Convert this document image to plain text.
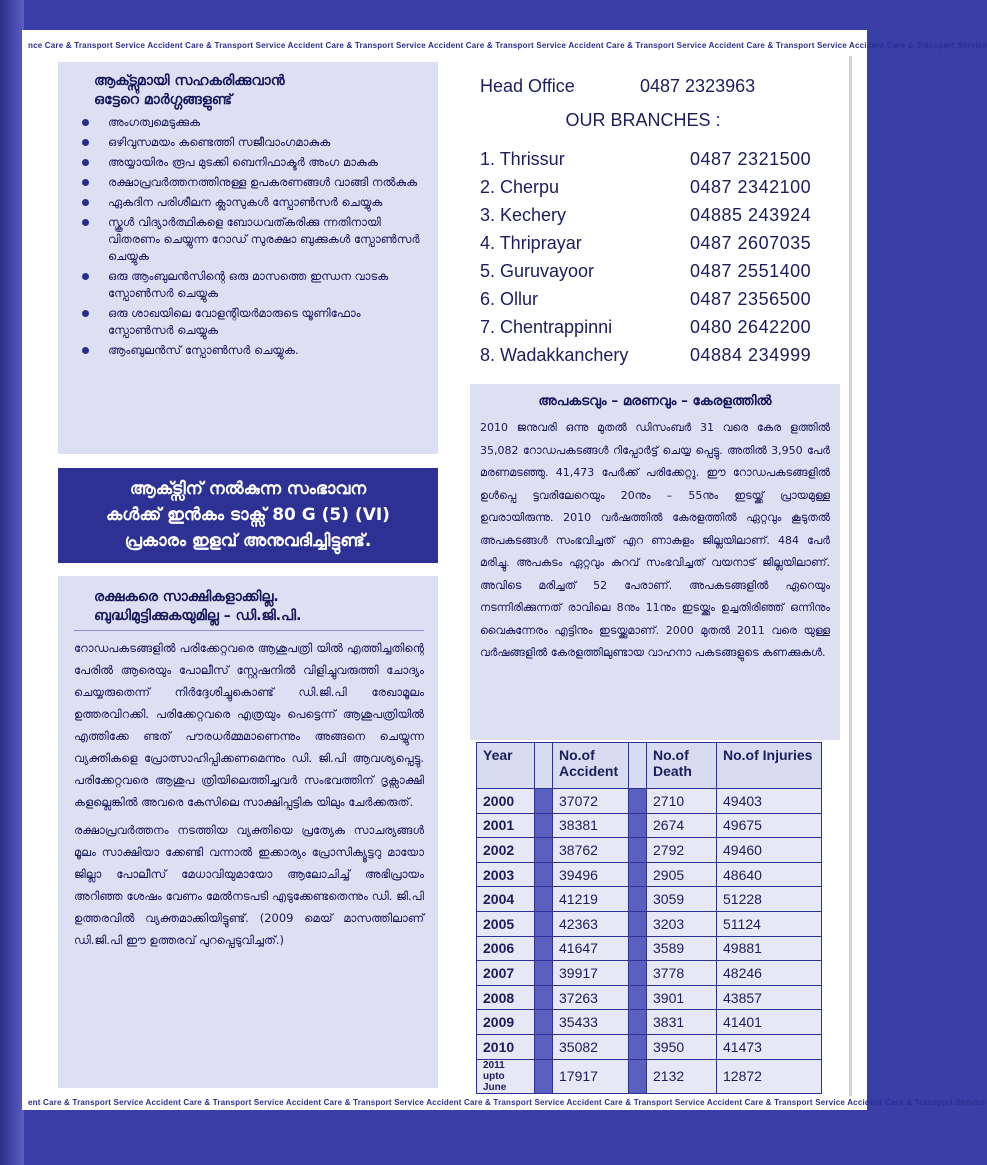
nce Care & Transport Service Accident Care & Transport Service Accident Care & Transport Service Accident Care & Transport Service Accident Care & Transport Service Accident Care & Transport Service Accident Care & Transport Service
ent Care & Transport Service Accident Care & Transport Service Accident Care & Transport Service Accident Care & Transport Service Accident Care & Transport Service Accident Care & Transport Service Accident Care & Transport Service
ആക്ട്സുമായി സഹകരിക്കുവാൻ
ഒട്ടേറെ മാർഗ്ഗങ്ങളുണ്ട്
അംഗത്വമെടുക്കുക
ഒഴിവുസമയം കണ്ടെത്തി സജീവാംഗമാകുക
അയ്യായിരം രൂപ മുടക്കി ബെനിഫാക്ടർ അംഗ മാകുക
രക്ഷാപ്രവർത്തനത്തിനുള്ള ഉപകരണങ്ങൾ വാങ്ങി നൽകുക
ഏകദിന പരിശീലന ക്ലാസുകൾ സ്പോൺസർ ചെയ്യുക
സ്കൂൾ വിദ്യാർത്ഥികളെ ബോധവത്കരിക്കു ന്നതിനായി വിതരണം ചെയ്യുന്ന റോഡ് സുരക്ഷാ ബുക്കുകൾ സ്പോൺസർ ചെയ്യുക
ഒരു ആംബുലൻസിന്റെ ഒരു മാസത്തെ ഇന്ധന വാടക സ്പോൺസർ ചെയ്യുക
ഒരു ശാഖയിലെ വോളന്റിയർമാരുടെ യൂണിഫോം സ്പോൺസർ ചെയ്യുക
ആംബുലൻസ് സ്പോൺസർ ചെയ്യുക.
ആക്ട്സിന് നൽകുന്ന സംഭാവന
കൾക്ക് ഇൻകം ടാക്സ് 80 G (5) (VI)
പ്രകാരം ഇളവ് അനുവദിച്ചിട്ടുണ്ട്.
രക്ഷകരെ സാക്ഷികളാക്കില്ല.
ബുദ്ധിമുട്ടിക്കുകയുമില്ല – ഡി.ജി.പി.

റോഡപകടങ്ങളിൽ പരിക്കേറ്റവരെ ആശുപത്രി യിൽ എത്തിച്ചതിന്റെ പേരിൽ ആരെയും പോലീസ് സ്റ്റേഷനിൽ വിളിച്ചുവരുത്തി ചോദ്യം ചെയ്യരുതെന്ന് നിർദ്ദേശിച്ചുകൊണ്ട് ഡി.ജി.പി രേഖാമൂലം ഉത്തരവിറക്കി. പരിക്കേറ്റവരെ എത്രയും പെട്ടെന്ന് ആശുപത്രിയിൽ എത്തിക്കേ ണ്ടത് പൗരധർമ്മമാണെന്നും അങ്ങനെ ചെയ്യുന്ന വ്യക്തികളെ പ്രോത്സാഹിപ്പിക്കണമെന്നും ഡി. ജി.പി ആവശ്യപ്പെട്ടു. പരിക്കേറ്റവരെ ആശുപ ത്രിയിലെത്തിച്ചവർ സംഭവത്തിന് ദൃക്സാക്ഷി കളല്ലെങ്കിൽ അവരെ കേസിലെ സാക്ഷിപ്പട്ടിക യിലും ചേർക്കരുത്.

രക്ഷാപ്രവർത്തനം നടത്തിയ വ്യക്തിയെ പ്രത്യേക സാചര്യങ്ങൾ മൂലം സാക്ഷിയാ ക്കേണ്ടി വന്നാൽ ഇക്കാര്യം പ്രോസിക്യൂട്ടറു മായോ ജില്ലാ പോലീസ് മേധാവിയുമായോ ആലോചിച്ച് അഭിപ്രായം അറിഞ്ഞ ശേഷം വേണം മേൽനടപടി എടുക്കേണ്ടതെന്നും ഡി. ജി.പി ഉത്തരവിൽ വ്യക്തമാക്കിയിട്ടുണ്ട്. (2009 മെയ് മാസത്തിലാണ് ഡി.ജി.പി ഈ ഉത്തരവ് പുറപ്പെടുവിച്ചത്.)

Head Office	0487 2323963
OUR BRANCHES :
1. Thrissur	0487 2321500
2. Cherpu	0487 2342100
3. Kechery	04885 243924
4. Thriprayar	0487 2607035
5. Guruvayoor	0487 2551400
6. Ollur	0487 2356500
7. Chentrappinni	0480 2642200
8. Wadakkanchery	04884 234999
അപകടവും – മരണവും – കേരളത്തിൽ

2010 ജനുവരി ഒന്നു മുതൽ ഡിസംബർ 31 വരെ കേര ളത്തിൽ 35,082 റോഡപകടങ്ങൾ റിപ്പോർട്ട് ചെയ്യ പ്പെട്ടു. അതിൽ 3,950 പേർ മരണമടഞ്ഞു. 41,473 പേർക്ക് പരിക്കേറ്റു. ഈ റോഡപകടങ്ങളിൽ ഉൾപ്പെ ട്ടവരിലേറെയും 20നും – 55നും ഇടയ്ക്ക് പ്രായമുള്ള ഉവരായിരുന്നു. 2010 വർഷത്തിൽ കേരളത്തിൽ ഏറ്റവും കൂടുതൽ അപകടങ്ങൾ സംഭവിച്ചത് എറ ണാകുളം ജില്ലയിലാണ്. 484 പേർ മരിച്ചു. അപകടം ഏറ്റവും കുറവ് സംഭവിച്ചത് വയനാട് ജില്ലയിലാണ്. അവിടെ മരിച്ചത് 52 പേരാണ്. അപകടങ്ങളിൽ ഏറെയും നടന്നിരിക്കുന്നത് രാവിലെ 8നും 11നും ഇടയ്ക്കും ഉച്ചതിരിഞ്ഞ് ഒന്നിനും വൈകുന്നേരം എട്ടിനും ഇടയ്ക്കുമാണ്. 2000 മുതൽ 2011 വരെ യുള്ള വർഷങ്ങളിൽ കേരളത്തിലുണ്ടായ വാഹനാ പകടങ്ങളുടെ കണക്കുകൾ.

Year		No.of Accident		No.of Death	No.of Injuries
2000		37072		2710	49403
2001		38381		2674	49675
2002		38762		2792	49460
2003		39496		2905	48640
2004		41219		3059	51228
2005		42363		3203	51124
2006		41647		3589	49881
2007		39917		3778	48246
2008		37263		3901	43857
2009		35433		3831	41401
2010		35082		3950	41473
2011 upto June		17917		2132	12872
